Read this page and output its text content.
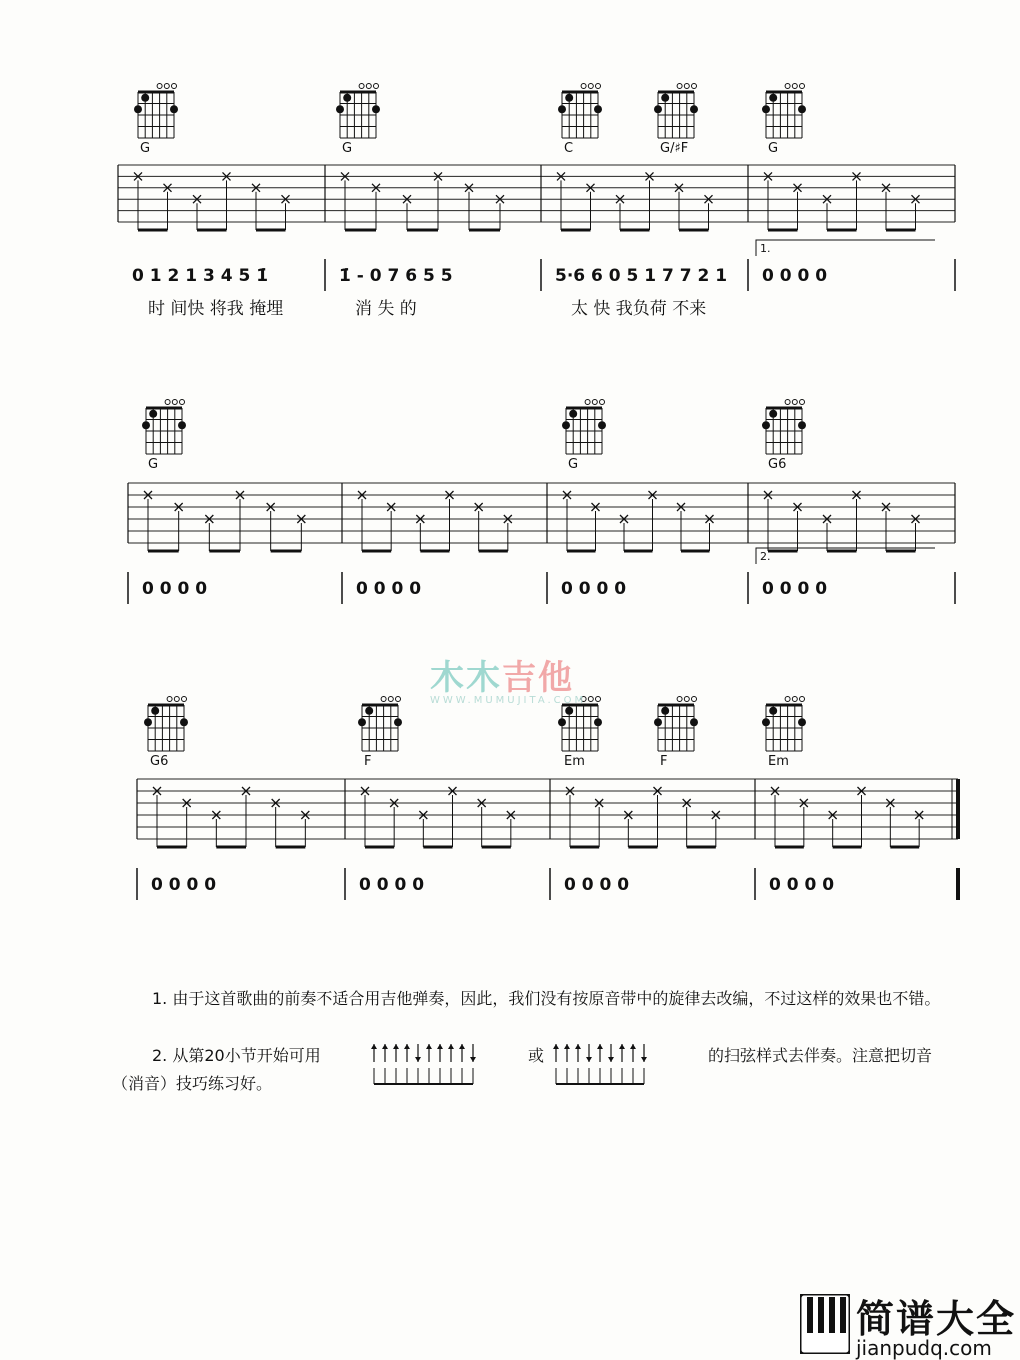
0 1 2 1 3 4 5 1̇
时 间快 将我 掩埋
1̇ - 0 7 6 5 5
消 失 的
5·6 6 0 5 1 7 7 2 1
太 快 我负荷 不来
0 0 0 0
1.
G	G	C	G/♯F	G
0 0 0 0	0 0 0 0	0 0 0 0	0 0 0 0
2.
G	G	G6
0 0 0 0	0 0 0 0	0 0 0 0	0 0 0 0
G6	F	Em	F	Em
木木吉他
WWW.MUMUJITA.COM

1. 由于这首歌曲的前奏不适合用吉他弹奏，因此，我们没有按原音带中的旋律去改编，不过这样的效果也不错。

2. 从第20小节开始可用	或	的扫弦样式去伴奏。注意把切音（消音）技巧练习好。

简谱大全
jianpudq.com
